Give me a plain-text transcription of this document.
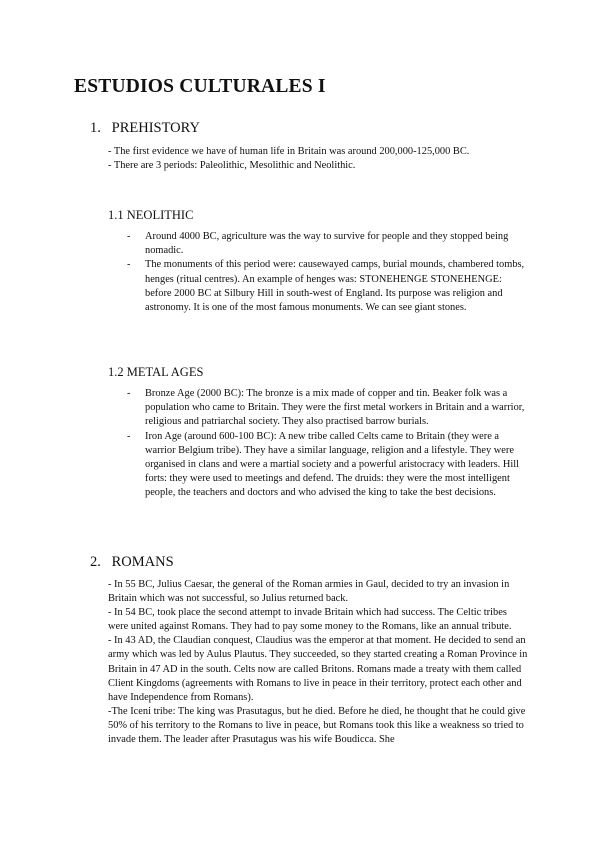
ESTUDIOS CULTURALES I
1. PREHISTORY

- The first evidence we have of human life in Britain was around 200,000-125,000 BC.

- There are 3 periods: Paleolithic, Mesolithic and Neolithic.

1.1 NEOLITHIC
- Around 4000 BC, agriculture was the way to survive for people and they stopped being nomadic.
- The monuments of this period were: causewayed camps, burial mounds, chambered tombs, henges (ritual centres). An example of henges was: STONEHENGE STONEHENGE: before 2000 BC at Silbury Hill in south-west of England. Its purpose was religion and astronomy. It is one of the most famous monuments. We can see giant stones.
1.2 METAL AGES
- Bronze Age (2000 BC): The bronze is a mix made of copper and tin. Beaker folk was a population who came to Britain. They were the first metal workers in Britain and a warrior, religious and patriarchal society. They also practised barrow burials.
- Iron Age (around 600-100 BC): A new tribe called Celts came to Britain (they were a warrior Belgium tribe). They have a similar language, religion and a lifestyle. They were organised in clans and were a martial society and a powerful aristocracy with leaders. Hill forts: they were used to meetings and defend. The druids: they were the most intelligent people, the teachers and doctors and who advised the king to take the best decisions.
2. ROMANS

- In 55 BC, Julius Caesar, the general of the Roman armies in Gaul, decided to try an invasion in Britain which was not successful, so Julius returned back.

- In 54 BC, took place the second attempt to invade Britain which had success. The Celtic tribes were united against Romans. They had to pay some money to the Romans, like an annual tribute.

- In 43 AD, the Claudian conquest, Claudius was the emperor at that moment. He decided to send an army which was led by Aulus Plautus. They succeeded, so they started creating a Roman Province in Britain in 47 AD in the south. Celts now are called Britons. Romans made a treaty with them called Client Kingdoms (agreements with Romans to live in peace in their territory, protect each other and have Independence from Romans).

-The Iceni tribe: The king was Prasutagus, but he died. Before he died, he thought that he could give 50% of his territory to the Romans to live in peace, but Romans took this like a weakness so tried to invade them. The leader after Prasutagus was his wife Boudicca. She
